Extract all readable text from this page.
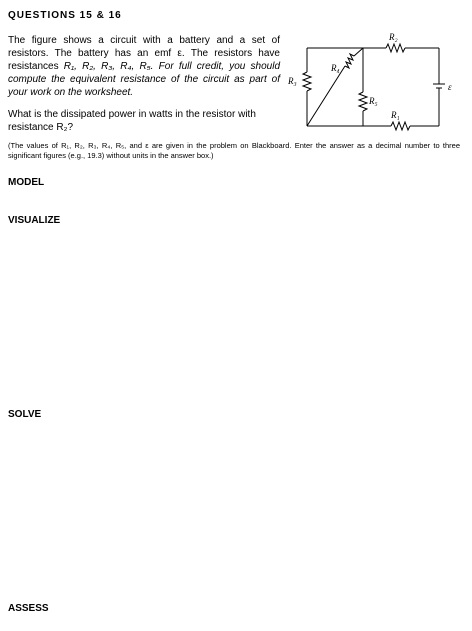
QUESTIONS 15 & 16
The figure shows a circuit with a battery and a set of resistors. The battery has an emf ε. The resistors have resistances R₁, R₂, R₃, R₄, R₅. For full credit, you should compute the equivalent resistance of the circuit as part of your work on the worksheet.
What is the dissipated power in watts in the resistor with resistance R₂?
(The values of R₁, R₂, R₃, R₄, R₅, and ε are given in the problem on Blackboard. Enter the answer as a decimal number to three significant figures (e.g., 19.3) without units in the answer box.)
MODEL
VISUALIZE
SOLVE
ASSESS
R₂
R₁
R₃
R₄
R₅
ε
